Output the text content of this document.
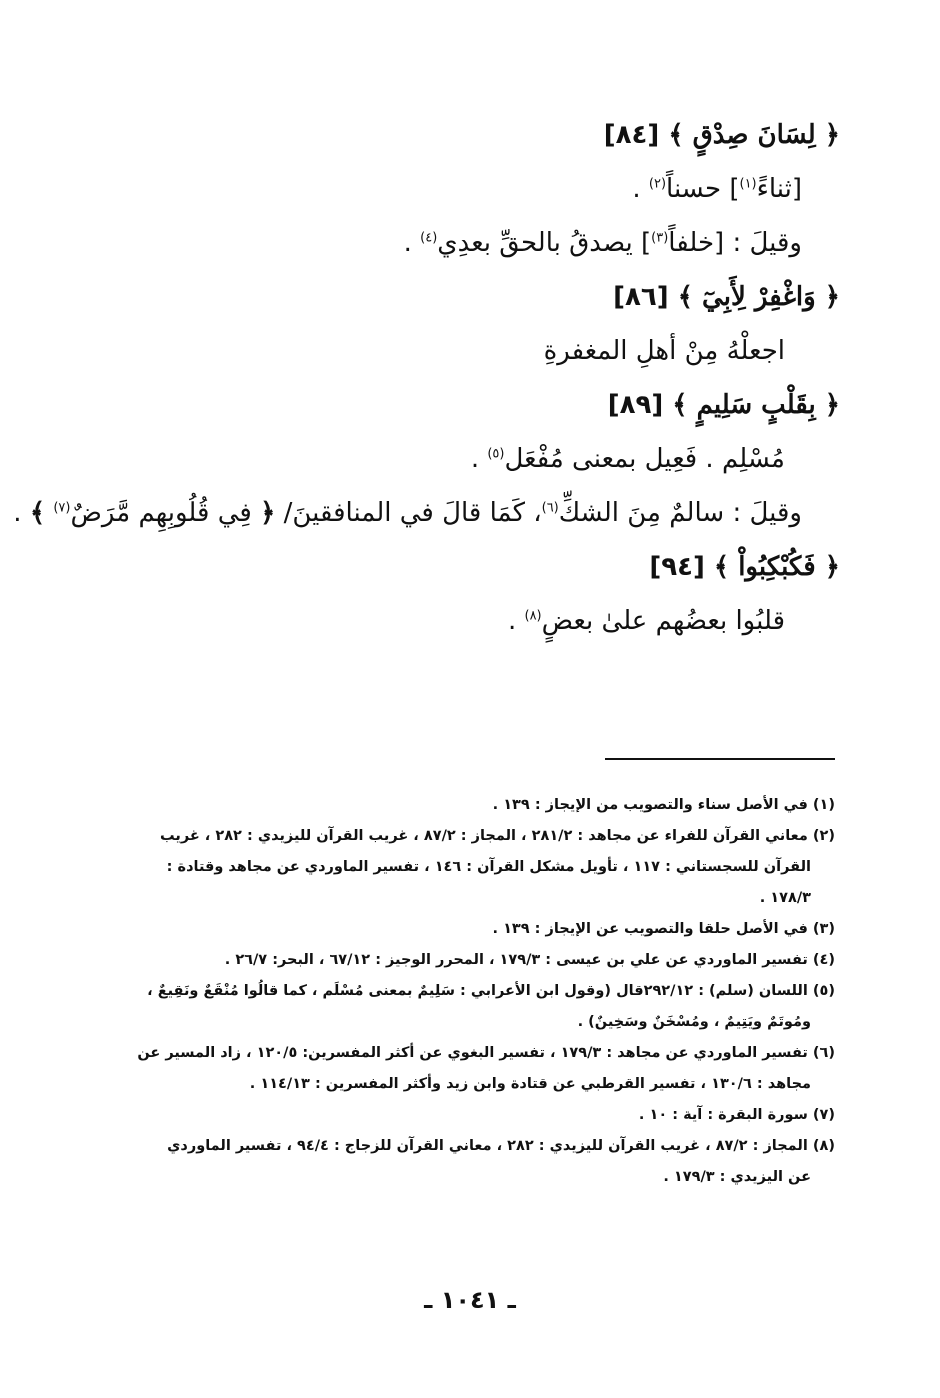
﴿ لِسَانَ صِدْقٍ ﴾ [٨٤]
[ثناءً$^{(١)}$] حسناً$^{(٢)}$ .
وقيلَ : [خلفاً$^{(٣)}$] يصدقُ بالحقِّ بعدِي$^{(٤)}$ .
﴿ وَاغْفِرْ لِأَبِيٓ ﴾ [٨٦]
اجعلْهُ مِنْ أهلِ المغفرةِ
﴿ بِقَلْبٍ سَلِيمٍ ﴾ [٨٩]
مُسْلِم . فَعِيل بمعنى مُفْعَل$^{(٥)}$ .
وقيلَ : سالمٌ مِنَ الشكِّ$^{(٦)}$، كَمَا قالَ في المنافقينَ/ ﴿ فِي قُلُوبِهِم مَّرَضٌ$^{(٧)}$ ﴾ .
﴿ فَكُبْكِبُواْ ﴾ [٩٤]
قلبُوا بعضُهم علىٰ بعضٍ$^{(٨)}$ .
(١) في الأصل سناء والتصويب من الإيجاز : ١٣٩ .
(٢) معاني القرآن للفراء عن مجاهد : ٢٨١/٢ ، المجاز : ٨٧/٢ ، غريب القرآن لليزيدي : ٢٨٢ ، غريب
القرآن للسجستاني : ١١٧ ، تأويل مشكل القرآن : ١٤٦ ، تفسير الماوردي عن مجاهد وقتادة :
١٧٨/٣ .
(٣) في الأصل حلقا والتصويب عن الإيجاز : ١٣٩ .
(٤) تفسير الماوردي عن علي بن عيسى : ١٧٩/٣ ، المحرر الوجيز : ٦٧/١٢ ، البحر: ٢٦/٧ .
(٥) اللسان (سلم) : ٢٩٢/١٢قال (وقول ابن الأعرابي : سَلِيمٌ بمعنى مُسْلَم ، كما قالُوا مُنْقَعٌ ونَقِيعٌ ،
ومُوتَمٌ ويَتِيمٌ ، ومُسْخَنٌ وسَخِينٌ) .
(٦) تفسير الماوردي عن مجاهد : ١٧٩/٣ ، تفسير البغوي عن أكثر المفسرين: ١٢٠/٥ ، زاد المسير عن
مجاهد : ١٣٠/٦ ، تفسير القرطبي عن قتادة وابن زيد وأكثر المفسرين : ١١٤/١٣ .
(٧) سورة البقرة : آية : ١٠ .
(٨) المجاز : ٨٧/٢ ، غريب القرآن لليزيدي : ٢٨٢ ، معاني القرآن للزجاج : ٩٤/٤ ، تفسير الماوردي
عن اليزيدي : ١٧٩/٣ .
ـ ١٠٤١ ـ
